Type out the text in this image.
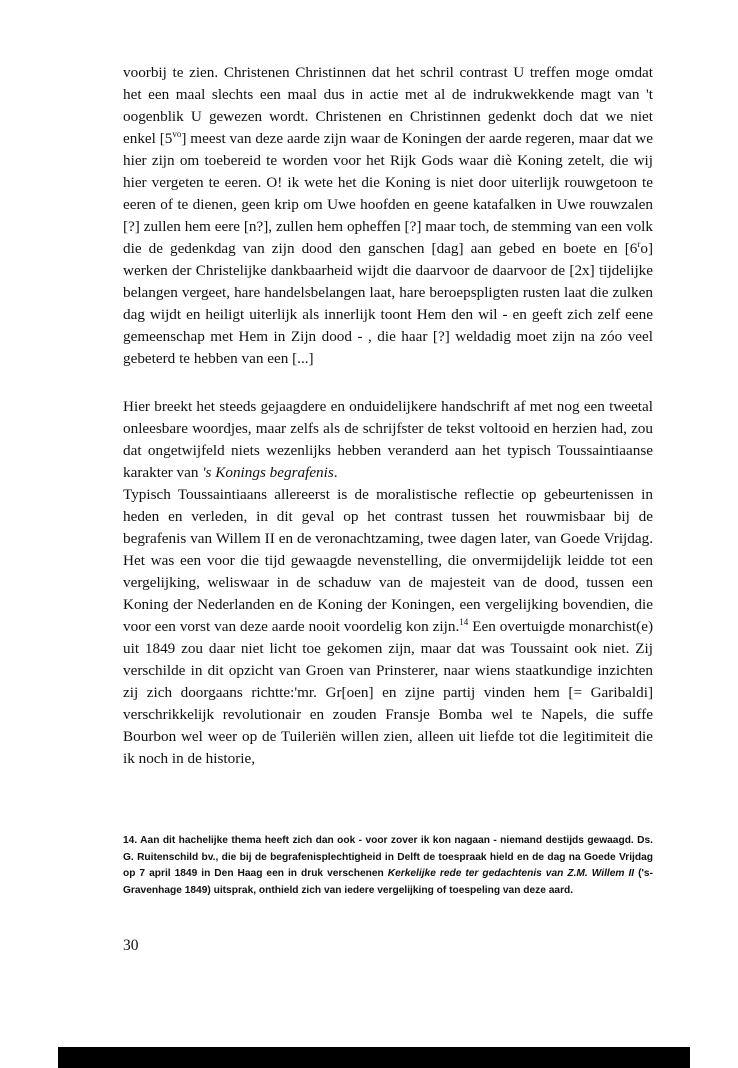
voorbij te zien. Christenen Christinnen dat het schril contrast U treffen moge omdat het een maal slechts een maal dus in actie met al de indrukwekkende magt van 't oogenblik U gewezen wordt. Christenen en Christinnen gedenkt doch dat we niet enkel $[5^{vo}]$ meest van deze aarde zijn waar de Koningen der aarde regeren, maar dat we hier zijn om toebereid te worden voor het Rijk Gods waar diè Koning zetelt, die wij hier vergeten te eeren. O! ik wete het die Koning is niet door uiterlijk rouwgetoon te eeren of te dienen, geen krip om Uwe hoofden en geene katafalken in Uwe rouwzalen [?] zullen hem eere [n?], zullen hem opheffen [?] maar toch, de stemming van een volk die de gedenkdag van zijn dood den ganschen [dag] aan gebed en boete en [6$^r$o] werken der Christelijke dankbaarheid wijdt die daarvoor de daarvoor de [2x] tijdelijke belangen vergeet, hare handelsbelangen laat, hare beroepspligten rusten laat die zulken dag wijdt en heiligt uiterlijk als innerlijk toont Hem den wil - en geeft zich zelf eene gemeenschap met Hem in Zijn dood - , die haar [?] weldadig moet zijn na zóo veel gebeterd te hebben van een [...]

Hier breekt het steeds gejaagdere en onduidelijkere handschrift af met nog een tweetal onleesbare woordjes, maar zelfs als de schrijfster de tekst voltooid en herzien had, zou dat ongetwijfeld niets wezenlijks hebben veranderd aan het typisch Toussaintiaanse karakter van 's Konings begrafenis.

Typisch Toussaintiaans allereerst is de moralistische reflectie op gebeurtenissen in heden en verleden, in dit geval op het contrast tussen het rouwmisbaar bij de begrafenis van Willem II en de veronachtzaming, twee dagen later, van Goede Vrijdag. Het was een voor die tijd gewaagde nevenstelling, die onvermijdelijk leidde tot een vergelijking, weliswaar in de schaduw van de majesteit van de dood, tussen een Koning der Nederlanden en de Koning der Koningen, een vergelijking bovendien, die voor een vorst van deze aarde nooit voordelig kon zijn.$^{14}$ Een overtuigde monarchist(e) uit 1849 zou daar niet licht toe gekomen zijn, maar dat was Toussaint ook niet. Zij verschilde in dit opzicht van Groen van Prinsterer, naar wiens staatkundige inzichten zij zich doorgaans richtte:'mr. Gr[oen] en zijne partij vinden hem [= Garibaldi] verschrikkelijk revolutionair en zouden Fransje Bomba wel te Napels, die suffe Bourbon wel weer op de Tuileriën willen zien, alleen uit liefde tot die legitimiteit die ik noch in de historie,

14. Aan dit hachelijke thema heeft zich dan ook - voor zover ik kon nagaan - niemand destijds gewaagd. Ds. G. Ruitenschild bv., die bij de begrafenisplechtigheid in Delft de toespraak hield en de dag na Goede Vrijdag op 7 april 1849 in Den Haag een in druk verschenen Kerkelijke rede ter gedachtenis van Z.M. Willem II ('s-Gravenhage 1849) uitsprak, onthield zich van iedere vergelijking of toespeling van deze aard.
30
